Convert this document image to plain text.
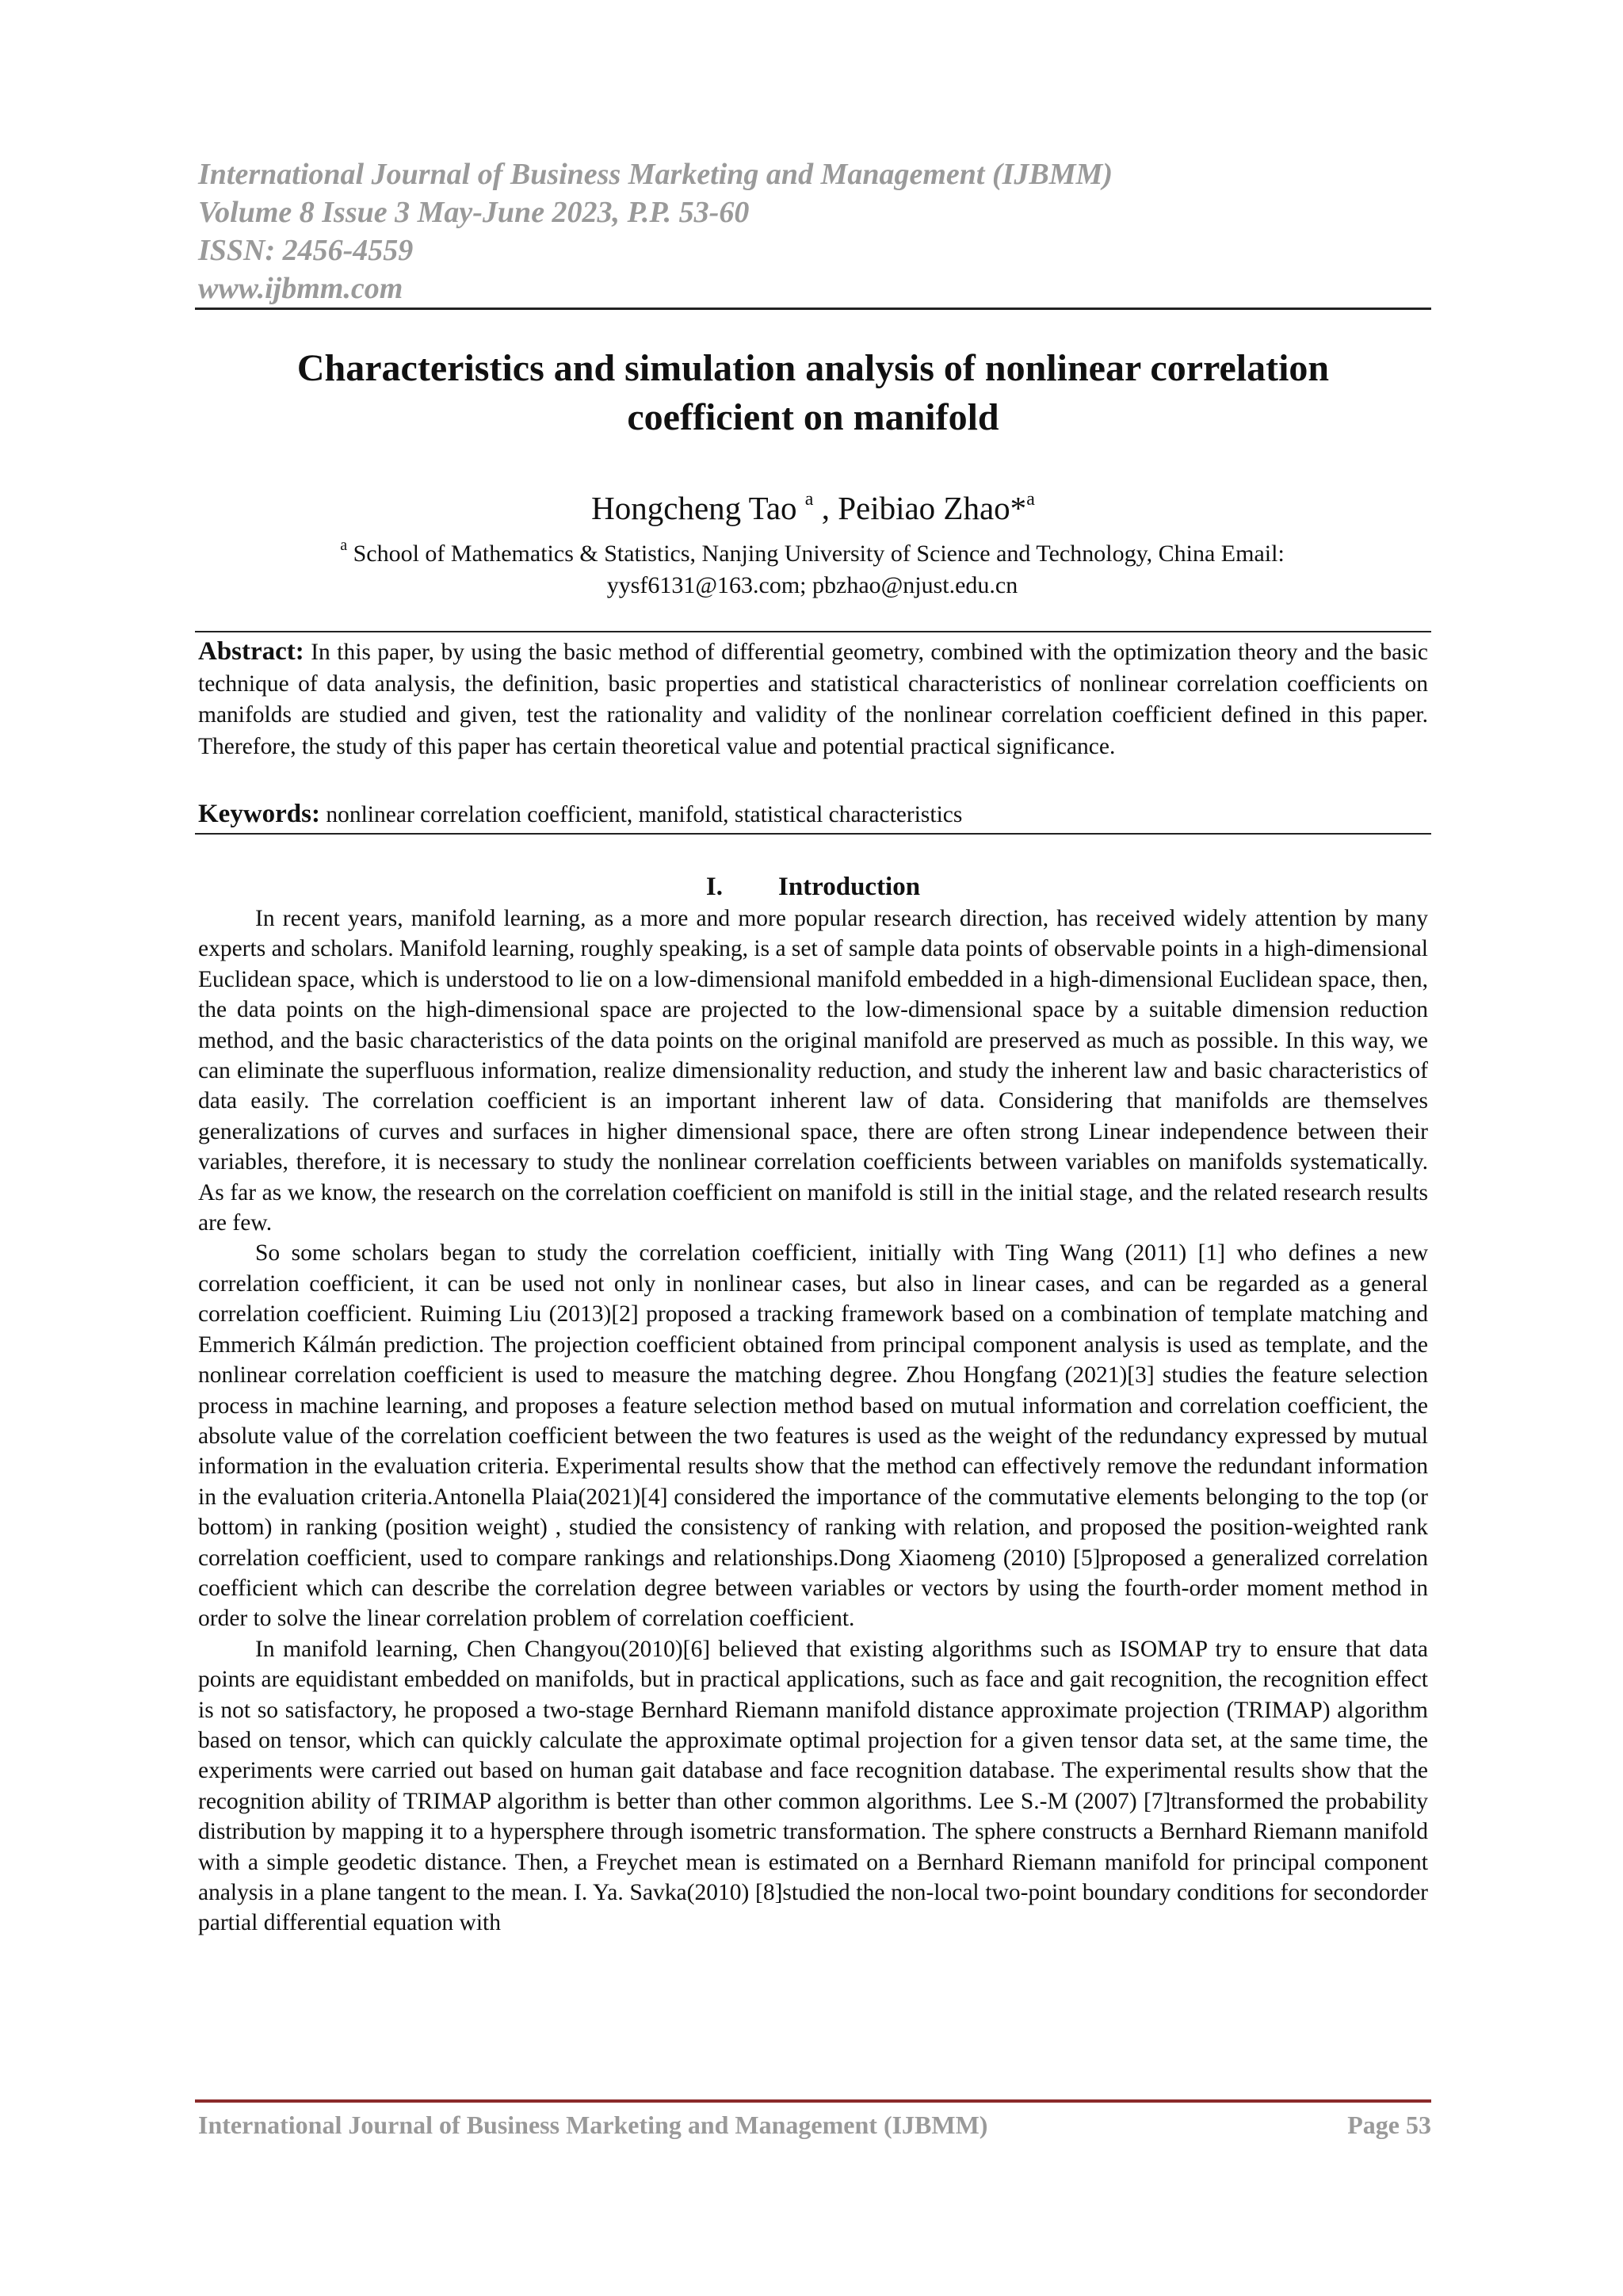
International Journal of Business Marketing and Management (IJBMM)
Volume 8 Issue 3 May-June 2023, P.P. 53-60
ISSN: 2456-4559
www.ijbmm.com
Characteristics and simulation analysis of nonlinear correlation
coefficient on manifold
Hongcheng Tao $^a$ , Peibiao Zhao*$^a$
$^a$ School of Mathematics & Statistics, Nanjing University of Science and Technology, China Email:
yysf6131@163.com; pbzhao@njust.edu.cn
Abstract: In this paper, by using the basic method of differential geometry, combined with the optimization theory and the basic technique of data analysis, the definition, basic properties and statistical characteristics of nonlinear correlation coefficients on manifolds are studied and given, test the rationality and validity of the nonlinear correlation coefficient defined in this paper. Therefore, the study of this paper has certain theoretical value and potential practical significance.
Keywords: nonlinear correlation coefficient, manifold, statistical characteristics
I. Introduction

In recent years, manifold learning, as a more and more popular research direction, has received widely attention by many experts and scholars. Manifold learning, roughly speaking, is a set of sample data points of observable points in a high-dimensional Euclidean space, which is understood to lie on a low-dimensional manifold embedded in a high-dimensional Euclidean space, then, the data points on the high-dimensional space are projected to the low-dimensional space by a suitable dimension reduction method, and the basic characteristics of the data points on the original manifold are preserved as much as possible. In this way, we can eliminate the superfluous information, realize dimensionality reduction, and study the inherent law and basic characteristics of data easily. The correlation coefficient is an important inherent law of data. Considering that manifolds are themselves generalizations of curves and surfaces in higher dimensional space, there are often strong Linear independence between their variables, therefore, it is necessary to study the nonlinear correlation coefficients between variables on manifolds systematically. As far as we know, the research on the correlation coefficient on manifold is still in the initial stage, and the related research results are few.

So some scholars began to study the correlation coefficient, initially with Ting Wang (2011) [1] who defines a new correlation coefficient, it can be used not only in nonlinear cases, but also in linear cases, and can be regarded as a general correlation coefficient. Ruiming Liu (2013)[2] proposed a tracking framework based on a combination of template matching and Emmerich Kálmán prediction. The projection coefficient obtained from principal component analysis is used as template, and the nonlinear correlation coefficient is used to measure the matching degree. Zhou Hongfang (2021)[3] studies the feature selection process in machine learning, and proposes a feature selection method based on mutual information and correlation coefficient, the absolute value of the correlation coefficient between the two features is used as the weight of the redundancy expressed by mutual information in the evaluation criteria. Experimental results show that the method can effectively remove the redundant information in the evaluation criteria.Antonella Plaia(2021)[4] considered the importance of the commutative elements belonging to the top (or bottom) in ranking (position weight) , studied the consistency of ranking with relation, and proposed the position-weighted rank correlation coefficient, used to compare rankings and relationships.Dong Xiaomeng (2010) [5]proposed a generalized correlation coefficient which can describe the correlation degree between variables or vectors by using the fourth-order moment method in order to solve the linear correlation problem of correlation coefficient.

In manifold learning, Chen Changyou(2010)[6] believed that existing algorithms such as ISOMAP try to ensure that data points are equidistant embedded on manifolds, but in practical applications, such as face and gait recognition, the recognition effect is not so satisfactory, he proposed a two-stage Bernhard Riemann manifold distance approximate projection (TRIMAP) algorithm based on tensor, which can quickly calculate the approximate optimal projection for a given tensor data set, at the same time, the experiments were carried out based on human gait database and face recognition database. The experimental results show that the recognition ability of TRIMAP algorithm is better than other common algorithms. Lee S.-M (2007) [7]transformed the probability distribution by mapping it to a hypersphere through isometric transformation. The sphere constructs a Bernhard Riemann manifold with a simple geodetic distance. Then, a Freychet mean is estimated on a Bernhard Riemann manifold for principal component analysis in a plane tangent to the mean. I. Ya. Savka(2010) [8]studied the non-local two-point boundary conditions for secondorder partial differential equation with

International Journal of Business Marketing and Management (IJBMM)	Page 53
